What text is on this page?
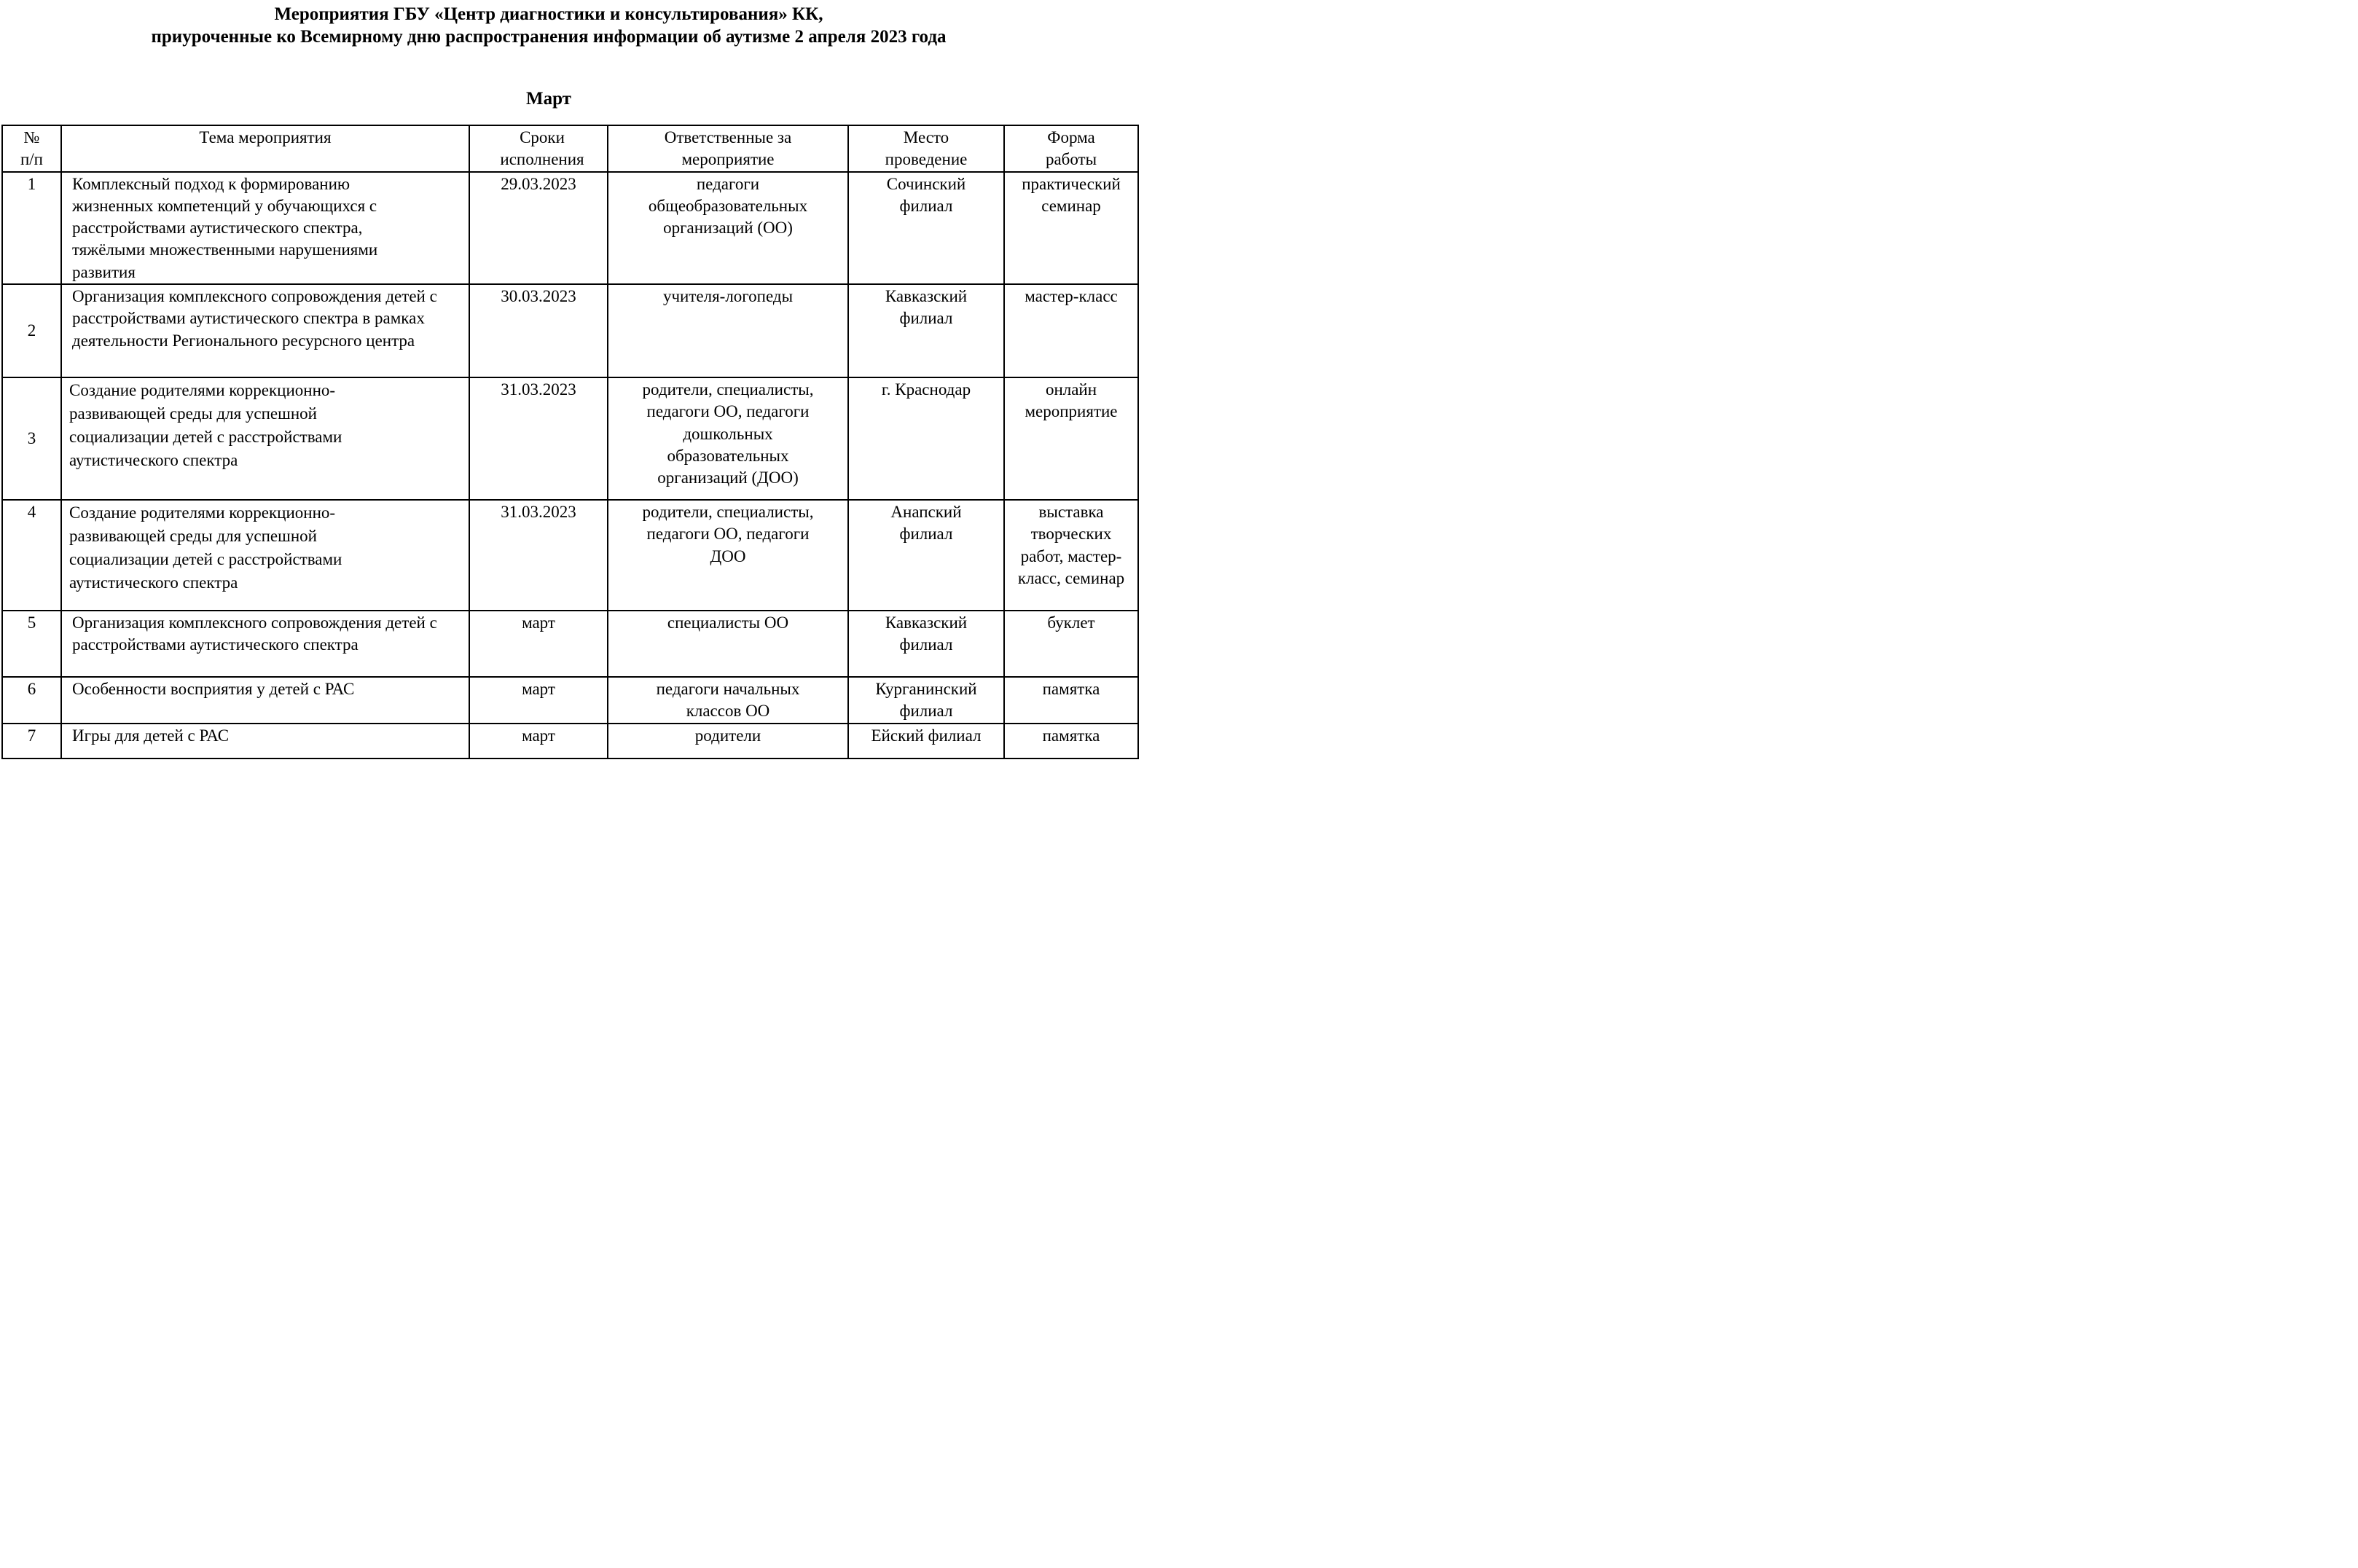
Мероприятия ГБУ «Центр диагностики и консультирования» КК,
приуроченные ко Всемирному дню распространения информации об аутизме 2 апреля 2023 года
Март
№ п/п	Тема мероприятия	Сроки исполнения	Ответственные за мероприятие	Место проведение	Форма работы
1	Комплексный подход к формированию жизненных компетенций у обучающихся с расстройствами аутистического спектра, тяжёлыми множественными нарушениями развития	29.03.2023	педагоги общеобразовательных организаций (ОО)	Сочинский филиал	практический семинар
2	Организация комплексного сопровождения детей с расстройствами аутистического спектра в рамках деятельности Регионального ресурсного центра	30.03.2023	учителя-логопеды	Кавказский филиал	мастер-класс
3	Создание родителями коррекционно-развивающей среды для успешной социализации детей с расстройствами аутистического спектра	31.03.2023	родители, специалисты, педагоги ОО, педагоги дошкольных образовательных организаций (ДОО)	г. Краснодар	онлайн мероприятие
4	Создание родителями коррекционно-развивающей среды для успешной социализации детей с расстройствами аутистического спектра	31.03.2023	родители, специалисты, педагоги ОО, педагоги ДОО	Анапский филиал	выставка творческих работ, мастер-класс, семинар
5	Организация комплексного сопровождения детей с расстройствами аутистического спектра	март	специалисты ОО	Кавказский филиал	буклет
6	Особенности восприятия у детей с РАС	март	педагоги начальных классов ОО	Курганинский филиал	памятка
7	Игры для детей с РАС	март	родители	Ейский филиал	памятка
